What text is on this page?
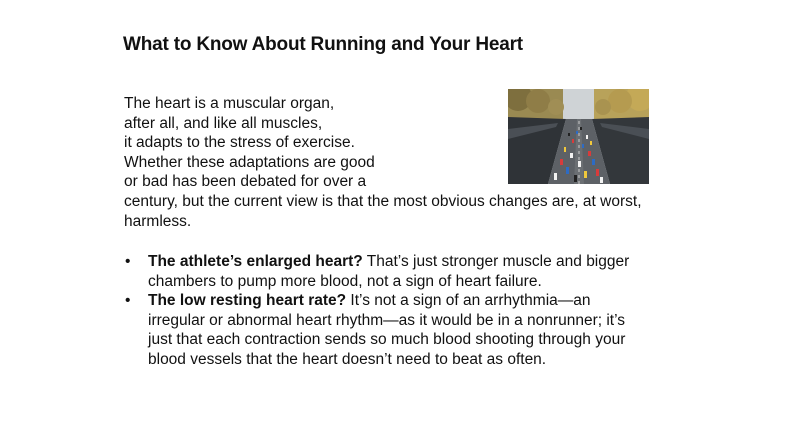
What to Know About Running and Your Heart
The heart is a muscular organ,
after all, and like all muscles,
it adapts to the stress of exercise.
Whether these adaptations are good
or bad has been debated for over a
century, but the current view is that the most obvious changes are, at worst,
harmless.
• The athlete’s enlarged heart? That’s just stronger muscle and bigger
chambers to pump more blood, not a sign of heart failure.
• The low resting heart rate? It’s not a sign of an arrhythmia—an
irregular or abnormal heart rhythm—as it would be in a nonrunner; it’s
just that each contraction sends so much blood shooting through your
blood vessels that the heart doesn’t need to beat as often.
